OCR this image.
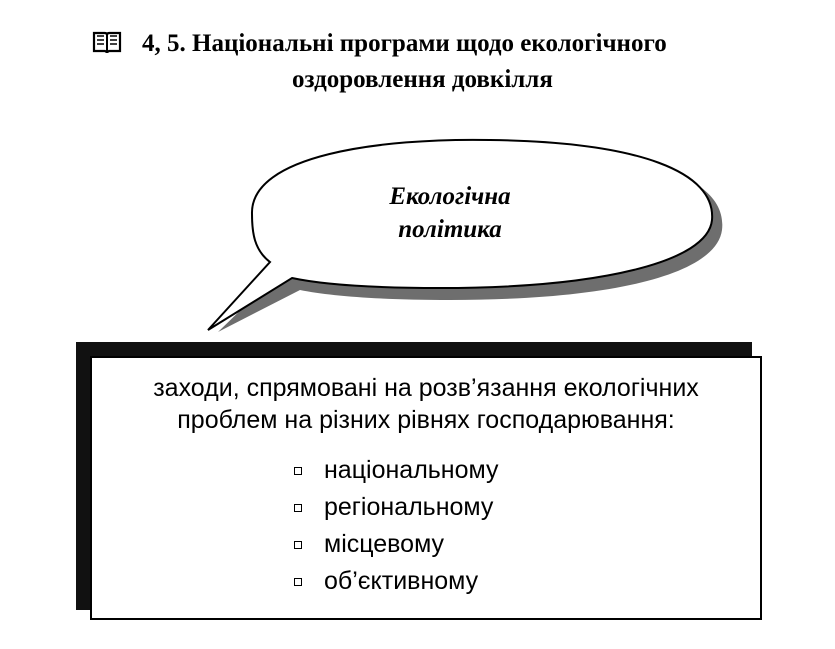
4, 5. Національні програми щодо екологічного
оздоровлення довкілля
Екологічна
політика
заходи, спрямовані на розв’язання екологічних
проблем на різних рівнях господарювання:
національному
регіональному
місцевому
об’єктивному
